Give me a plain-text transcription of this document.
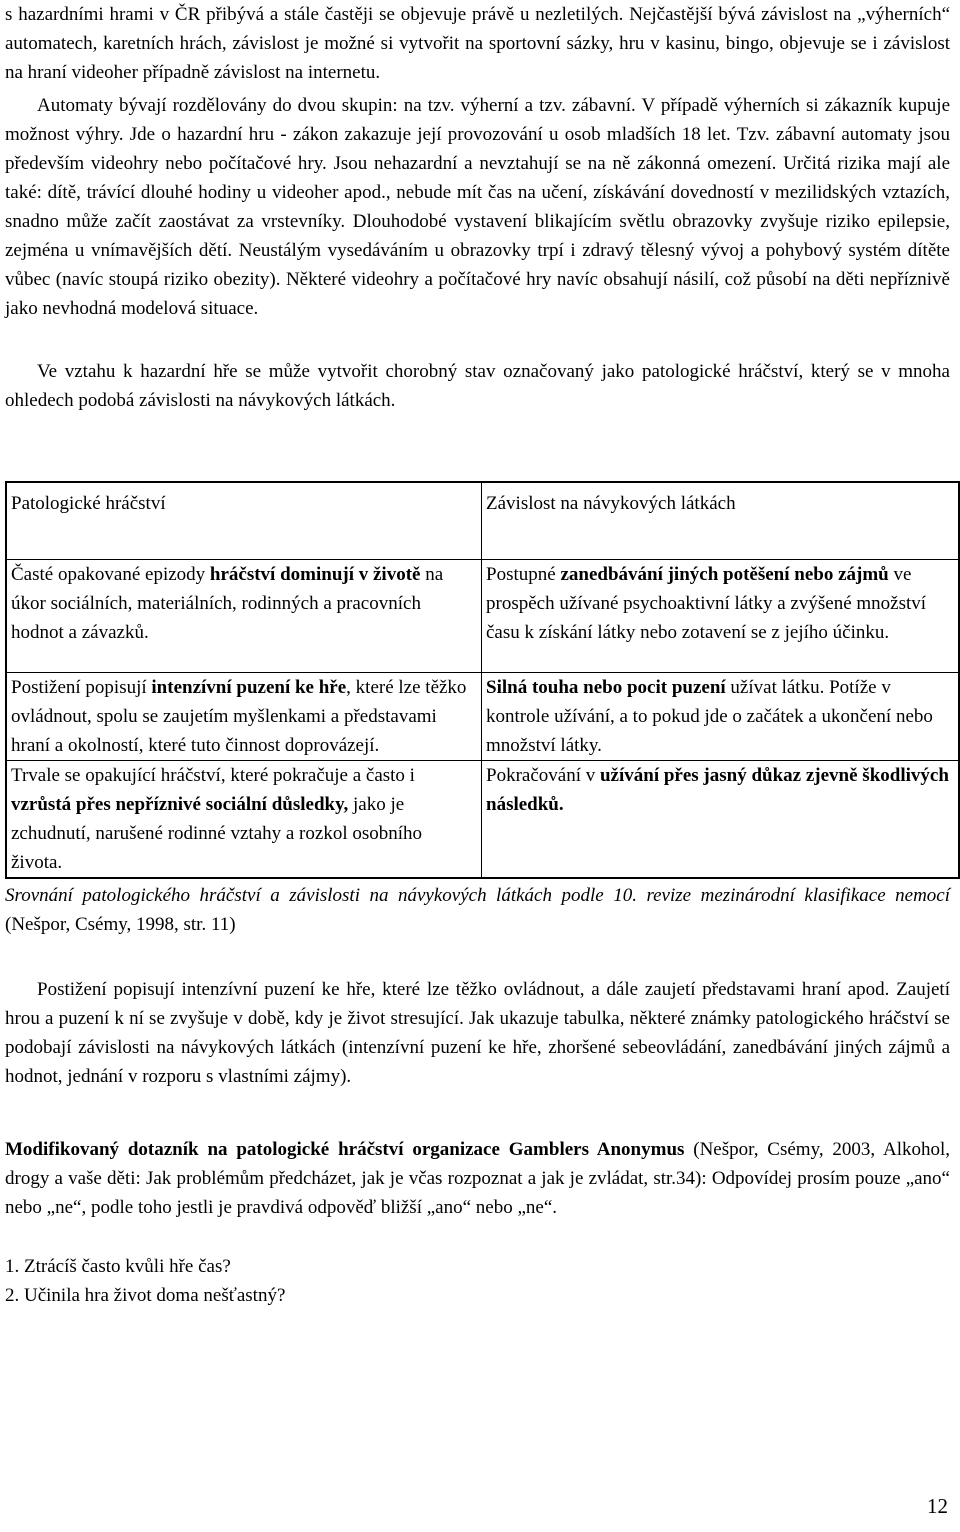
s hazardními hrami v ČR přibývá a stále častěji se objevuje právě u nezletilých. Nejčastější bývá závislost na „výherních“ automatech, karetních hrách, závislost je možné si vytvořit na sportovní sázky, hru v kasinu, bingo, objevuje se i závislost na hraní videoher případně závislost na internetu.

Automaty bývají rozdělovány do dvou skupin: na tzv. výherní a tzv. zábavní. V případě výherních si zákazník kupuje možnost výhry. Jde o hazardní hru - zákon zakazuje její provozování u osob mladších 18 let. Tzv. zábavní automaty jsou především videohry nebo počítačové hry. Jsou nehazardní a nevztahují se na ně zákonná omezení. Určitá rizika mají ale také: dítě, trávící dlouhé hodiny u videoher apod., nebude mít čas na učení, získávání dovedností v mezilidských vztazích, snadno může začít zaostávat za vrstevníky. Dlouhodobé vystavení blikajícím světlu obrazovky zvyšuje riziko epilepsie, zejména u vnímavějších dětí. Neustálým vysedáváním u obrazovky trpí i zdravý tělesný vývoj a pohybový systém dítěte vůbec (navíc stoupá riziko obezity). Některé videohry a počítačové hry navíc obsahují násilí, což působí na děti nepříznivě jako nevhodná modelová situace.

Ve vztahu k hazardní hře se může vytvořit chorobný stav označovaný jako patologické hráčství, který se v mnoha ohledech podobá závislosti na návykových látkách.

Patologické hráčství	Závislost na návykových látkách
Časté opakované epizody hráčství dominují v životě na úkor sociálních, materiálních, rodinných a pracovních hodnot a závazků.	Postupné zanedbávání jiných potěšení nebo zájmů ve prospěch užívané psychoaktivní látky a zvýšené množství času k získání látky nebo zotavení se z jejího účinku.
Postižení popisují intenzívní puzení ke hře, které lze těžko ovládnout, spolu se zaujetím myšlenkami a představami hraní a okolností, které tuto činnost doprovázejí.	Silná touha nebo pocit puzení užívat látku. Potíže v kontrole užívání, a to pokud jde o začátek a ukončení nebo množství látky.
Trvale se opakující hráčství, které pokračuje a často i vzrůstá přes nepříznivé sociální důsledky, jako je zchudnutí, narušené rodinné vztahy a rozkol osobního života.	Pokračování v užívání přes jasný důkaz zjevně škodlivých následků.

Srovnání patologického hráčství a závislosti na návykových látkách podle 10. revize mezinárodní klasifikace nemocí (Nešpor, Csémy, 1998, str. 11)

Postižení popisují intenzívní puzení ke hře, které lze těžko ovládnout, a dále zaujetí představami hraní apod. Zaujetí hrou a puzení k ní se zvyšuje v době, kdy je život stresující. Jak ukazuje tabulka, některé známky patologického hráčství se podobají závislosti na návykových látkách (intenzívní puzení ke hře, zhoršené sebeovládání, zanedbávání jiných zájmů a hodnot, jednání v rozporu s vlastními zájmy).

Modifikovaný dotazník na patologické hráčství organizace Gamblers Anonymus (Nešpor, Csémy, 2003, Alkohol, drogy a vaše děti: Jak problémům předcházet, jak je včas rozpoznat a jak je zvládat, str.34): Odpovídej prosím pouze „ano“ nebo „ne“, podle toho jestli je pravdivá odpověď bližší „ano“ nebo „ne“.

1. Ztrácíš často kvůli hře čas?
2. Učinila hra život doma nešťastný?
12
